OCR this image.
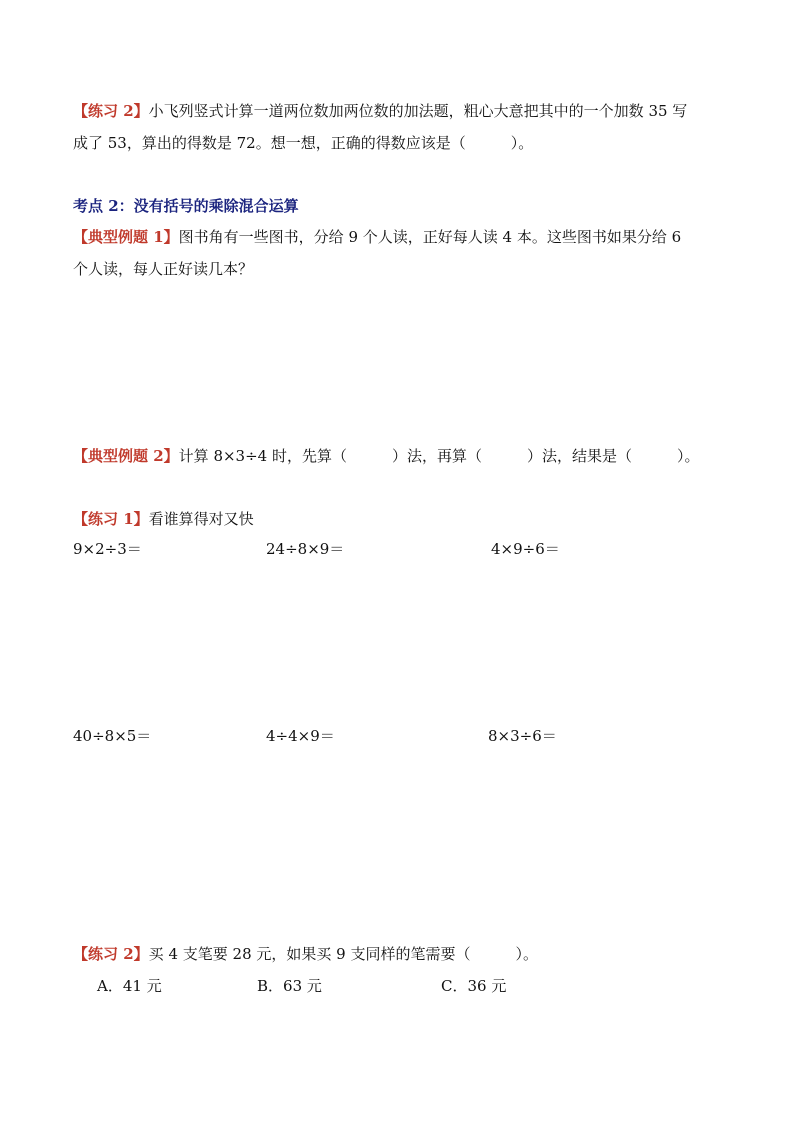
【练习 2】小飞列竖式计算一道两位数加两位数的加法题，粗心大意把其中的一个加数 35 写
成了 53，算出的得数是 72。想一想，正确的得数应该是（　　　）。
考点 2：没有括号的乘除混合运算
【典型例题 1】图书角有一些图书，分给 9 个人读，正好每人读 4 本。这些图书如果分给 6
个人读，每人正好读几本？
【典型例题 2】计算 8×3÷4 时，先算（　　　）法，再算（　　　）法，结果是（　　　）。
【练习 1】看谁算得对又快
9×2÷3＝	24÷8×9＝	4×9÷6＝
40÷8×5＝	4÷4×9＝	8×3÷6＝
【练习 2】买 4 支笔要 28 元，如果买 9 支同样的笔需要（　　　）。
A．41 元	B．63 元	C．36 元
